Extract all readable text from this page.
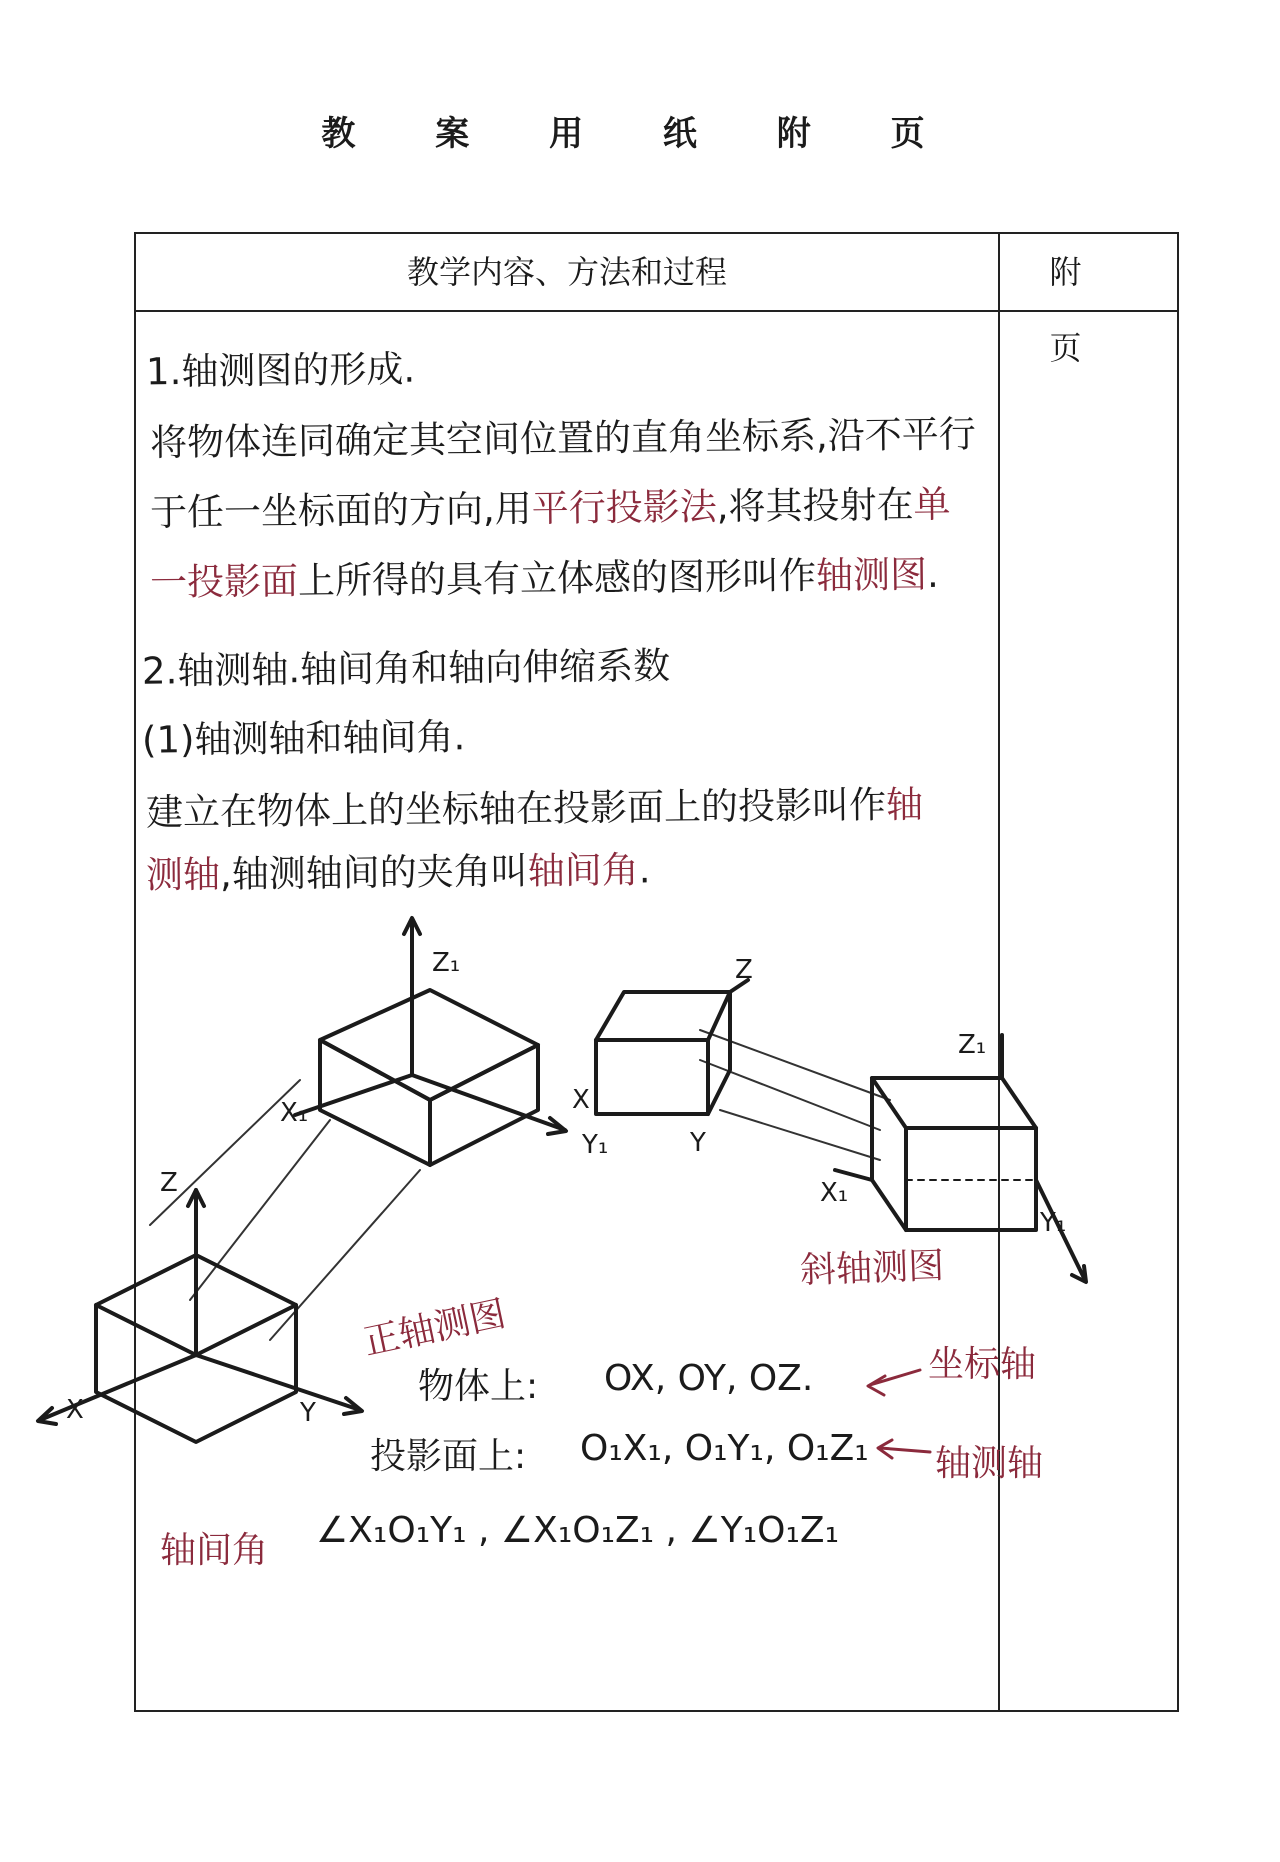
教 案 用 纸 附 页
教学内容、方法和过程	附 页
1.轴测图的形成.
将物体连同确定其空间位置的直角坐标系,沿不平行
于任一坐标面的方向,用平行投影法,将其投射在单
一投影面上所得的具有立体感的图形叫作轴测图.
2.轴测轴.轴间角和轴向伸缩系数
(1)轴测轴和轴间角.
建立在物体上的坐标轴在投影面上的投影叫作轴
测轴,轴测轴间的夹角叫轴间角.
Z₁
X₁
Y₁
Z
X
Y
Z₁
X₁
Y₁
Z
X	Y
斜轴测图
正轴测图
物体上: OX, OY, OZ.	坐标轴
投影面上: O₁X₁, O₁Y₁, O₁Z₁ 轴测轴
轴间角 ∠X₁O₁Y₁ , ∠X₁O₁Z₁ , ∠Y₁O₁Z₁
